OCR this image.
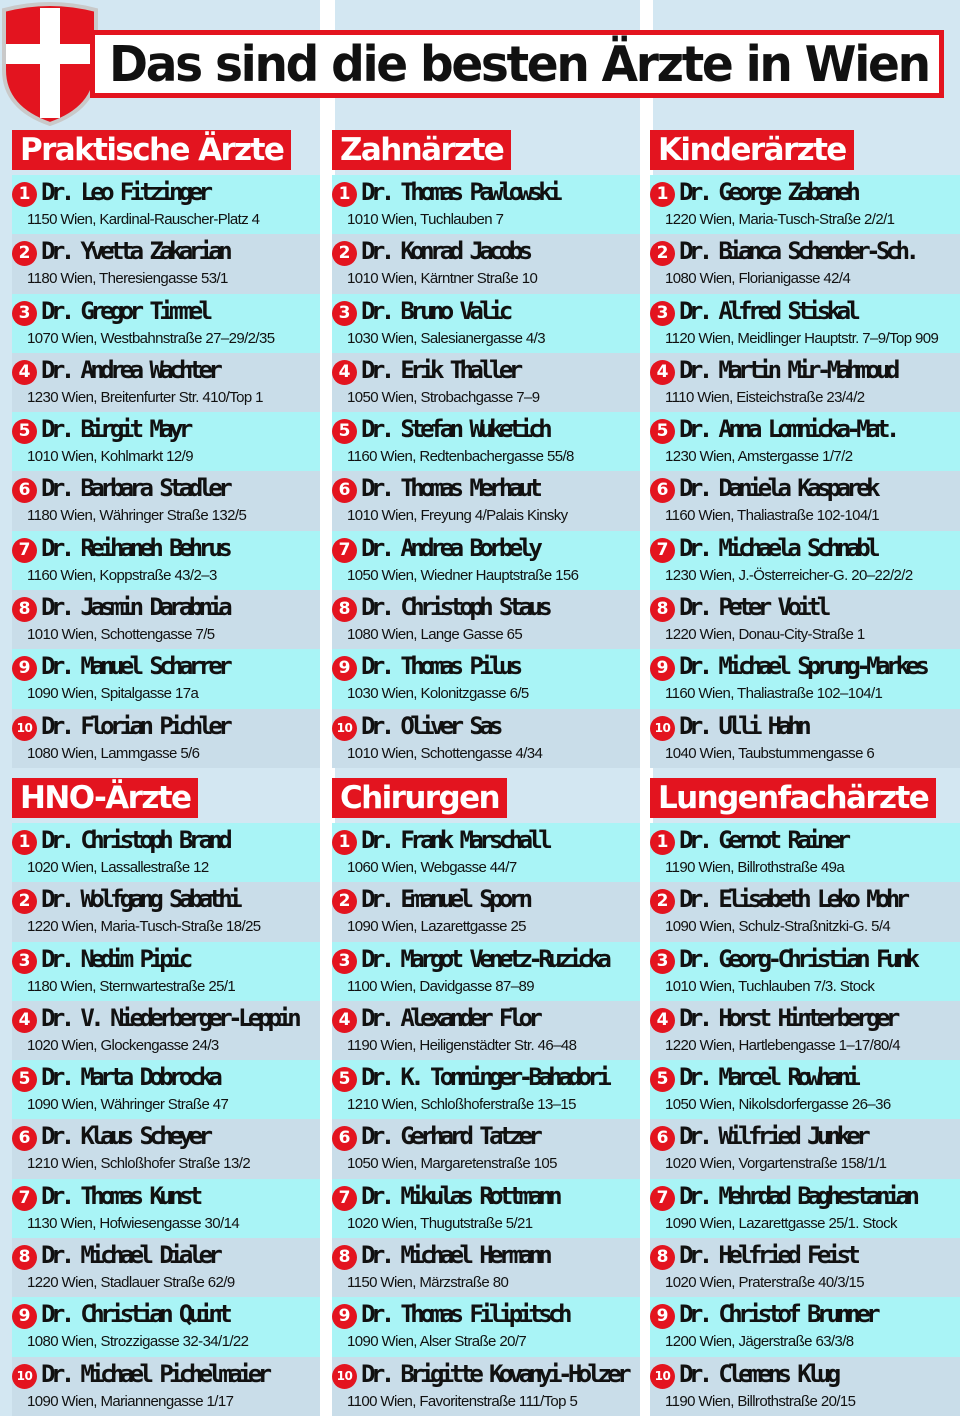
Das sind die besten Ärzte in Wien
Praktische Ärzte
1 Dr. Leo Fitzinger
1150 Wien, Kardinal-Rauscher-Platz 4
2 Dr. Yvetta Zakarian
1180 Wien, Theresiengasse 53/1
3 Dr. Gregor Timmel
1070 Wien, Westbahnstraße 27–29/2/35
4 Dr. Andrea Wachter
1230 Wien, Breitenfurter Str. 410/Top 1
5 Dr. Birgit Mayr
1010 Wien, Kohlmarkt 12/9
6 Dr. Barbara Stadler
1180 Wien, Währinger Straße 132/5
7 Dr. Reihaneh Behrus
1160 Wien, Koppstraße 43/2–3
8 Dr. Jasmin Darabnia
1010 Wien, Schottengasse 7/5
9 Dr. Manuel Scharrer
1090 Wien, Spitalgasse 17a
10 Dr. Florian Pichler
1080 Wien, Lammgasse 5/6
Zahnärzte
1 Dr. Thomas Pawlowski
1010 Wien, Tuchlauben 7
2 Dr. Konrad Jacobs
1010 Wien, Kärntner Straße 10
3 Dr. Bruno Valic
1030 Wien, Salesianergasse 4/3
4 Dr. Erik Thaller
1050 Wien, Strobachgasse 7–9
5 Dr. Stefan Wuketich
1160 Wien, Redtenbachergasse 55/8
6 Dr. Thomas Merhaut
1010 Wien, Freyung 4/Palais Kinsky
7 Dr. Andrea Borbely
1050 Wien, Wiedner Hauptstraße 156
8 Dr. Christoph Staus
1080 Wien, Lange Gasse 65
9 Dr. Thomas Pilus
1030 Wien, Kolonitzgasse 6/5
10 Dr. Oliver Sas
1010 Wien, Schottengasse 4/34
Kinderärzte
1 Dr. George Zabaneh
1220 Wien, Maria-Tusch-Straße 2/2/1
2 Dr. Bianca Schender-Sch.
1080 Wien, Florianigasse 42/4
3 Dr. Alfred Stiskal
1120 Wien, Meidlinger Hauptstr. 7–9/Top 909
4 Dr. Martin Mir-Mahmoud
1110 Wien, Eisteichstraße 23/4/2
5 Dr. Anna Lomnicka-Mat.
1230 Wien, Amstergasse 1/7/2
6 Dr. Daniela Kasparek
1160 Wien, Thaliastraße 102-104/1
7 Dr. Michaela Schnabl
1230 Wien, J.-Österreicher-G. 20–22/2/2
8 Dr. Peter Voitl
1220 Wien, Donau-City-Straße 1
9 Dr. Michael Sprung-Markes
1160 Wien, Thaliastraße 102–104/1
10 Dr. Ulli Hahn
1040 Wien, Taubstummengasse 6
HNO-Ärzte
1 Dr. Christoph Brand
1020 Wien, Lassallestraße 12
2 Dr. Wolfgang Sabathi
1220 Wien, Maria-Tusch-Straße 18/25
3 Dr. Nedim Pipic
1180 Wien, Sternwartestraße 25/1
4 Dr. V. Niederberger-Leppin
1020 Wien, Glockengasse 24/3
5 Dr. Marta Dobrocka
1090 Wien, Währinger Straße 47
6 Dr. Klaus Scheyer
1210 Wien, Schloßhofer Straße 13/2
7 Dr. Thomas Kunst
1130 Wien, Hofwiesengasse 30/14
8 Dr. Michael Dialer
1220 Wien, Stadlauer Straße 62/9
9 Dr. Christian Quint
1080 Wien, Strozzigasse 32-34/1/22
10 Dr. Michael Pichelmaier
1090 Wien, Mariannengasse 1/17
Chirurgen
1 Dr. Frank Marschall
1060 Wien, Webgasse 44/7
2 Dr. Emanuel Sporn
1090 Wien, Lazarettgasse 25
3 Dr. Margot Venetz-Ruzicka
1100 Wien, Davidgasse 87–89
4 Dr. Alexander Flor
1190 Wien, Heiligenstädter Str. 46–48
5 Dr. K. Tonninger-Bahadori
1210 Wien, Schloßhoferstraße 13–15
6 Dr. Gerhard Tatzer
1050 Wien, Margaretenstraße 105
7 Dr. Mikulas Rottmann
1020 Wien, Thugutstraße 5/21
8 Dr. Michael Hermann
1150 Wien, Märzstraße 80
9 Dr. Thomas Filipitsch
1090 Wien, Alser Straße 20/7
10 Dr. Brigitte Kovanyi-Holzer
1100 Wien, Favoritenstraße 111/Top 5
Lungenfachärzte
1 Dr. Gernot Rainer
1190 Wien, Billrothstraße 49a
2 Dr. Elisabeth Leko Mohr
1090 Wien, Schulz-Straßnitzki-G. 5/4
3 Dr. Georg-Christian Funk
1010 Wien, Tuchlauben 7/3. Stock
4 Dr. Horst Hinterberger
1220 Wien, Hartlebengasse 1–17/80/4
5 Dr. Marcel Rowhani
1050 Wien, Nikolsdorfergasse 26–36
6 Dr. Wilfried Junker
1020 Wien, Vorgartenstraße 158/1/1
7 Dr. Mehrdad Baghestanian
1090 Wien, Lazarettgasse 25/1. Stock
8 Dr. Helfried Feist
1020 Wien, Praterstraße 40/3/15
9 Dr. Christof Brunner
1200 Wien, Jägerstraße 63/3/8
10 Dr. Clemens Klug
1190 Wien, Billrothstraße 20/15
